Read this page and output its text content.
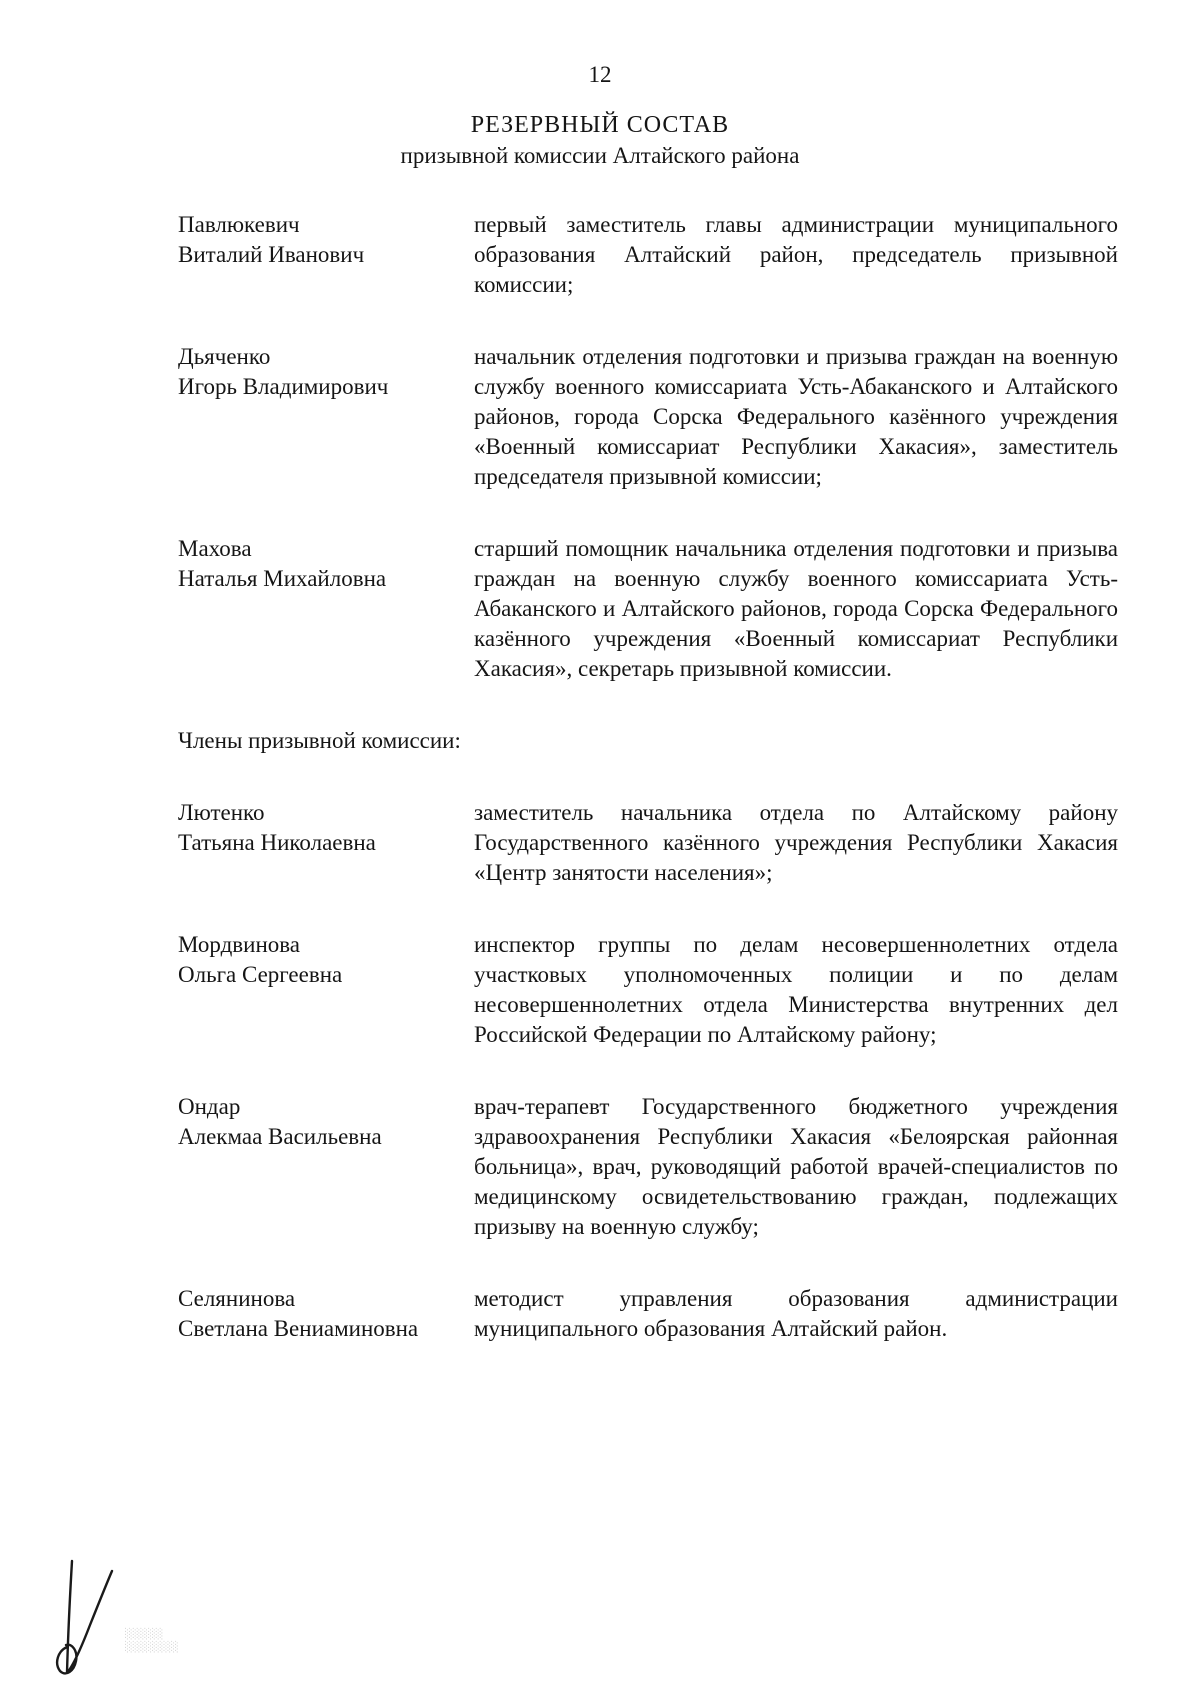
12
РЕЗЕРВНЫЙ СОСТАВ
призывной комиссии Алтайского района
Павлюкевич
Виталий Иванович
первый заместитель главы администрации муниципального образования Алтайский район, председатель призывной комиссии;
Дьяченко
Игорь Владимирович
начальник отделения подготовки и призыва граждан на военную службу военного комиссариата Усть-Абаканского и Алтайского районов, города Сорска Федерального казённого учреждения «Военный комиссариат Республики Хакасия», заместитель председателя призывной комиссии;
Махова
Наталья Михайловна
старший помощник начальника отделения подготовки и призыва граждан на военную службу военного комиссариата Усть-Абаканского и Алтайского районов, города Сорска Федерального казённого учреждения «Военный комиссариат Республики Хакасия», секретарь призывной комиссии.
Члены призывной комиссии:
Лютенко
Татьяна Николаевна
заместитель начальника отдела по Алтайскому району Государственного казённого учреждения Республики Хакасия «Центр занятости населения»;
Мордвинова
Ольга Сергеевна
инспектор группы по делам несовершеннолетних отдела участковых уполномоченных полиции и по делам несовершеннолетних отдела Министерства внутренних дел Российской Федерации по Алтайскому району;
Ондар
Алекмаа Васильевна
врач-терапевт Государственного бюджетного учреждения здравоохранения Республики Хакасия «Белоярская районная больница», врач, руководящий работой врачей-специалистов по медицинскому освидетельствованию граждан, подлежащих призыву на военную службу;
Селянинова
Светлана Вениаминовна
методист управления образования администрации муниципального образования Алтайский район.
░░░░░
░░░░░░░
